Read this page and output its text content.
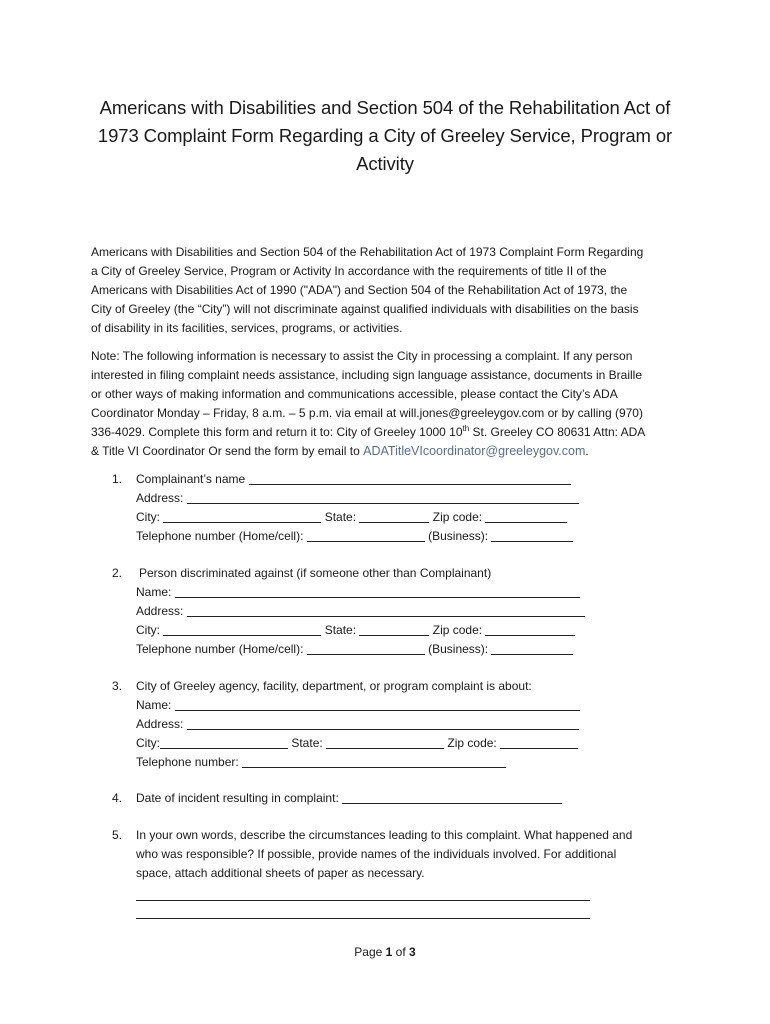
Americans with Disabilities and Section 504 of the Rehabilitation Act of
1973 Complaint Form Regarding a City of Greeley Service, Program or
Activity

Americans with Disabilities and Section 504 of the Rehabilitation Act of 1973 Complaint Form Regarding
a City of Greeley Service, Program or Activity In accordance with the requirements of title II of the
Americans with Disabilities Act of 1990 ("ADA") and Section 504 of the Rehabilitation Act of 1973, the
City of Greeley (the “City”) will not discriminate against qualified individuals with disabilities on the basis
of disability in its facilities, services, programs, or activities.

Note: The following information is necessary to assist the City in processing a complaint. If any person
interested in filing complaint needs assistance, including sign language assistance, documents in Braille
or other ways of making information and communications accessible, please contact the City’s ADA
Coordinator Monday – Friday, 8 a.m. – 5 p.m. via email at will.jones@greeleygov.com or by calling (970)
336-4029. Complete this form and return it to: City of Greeley 1000 10th St. Greeley CO 80631 Attn: ADA
& Title VI Coordinator Or send the form by email to ADATitleVIcoordinator@greeleygov.com.

1. Complainant’s name
Address:
City:	State:	Zip code:
Telephone number (Home/cell):	(Business):
2. Person discriminated against (if someone other than Complainant)
Name:
Address:
City:	State:	Zip code:
Telephone number (Home/cell):	(Business):
3. City of Greeley agency, facility, department, or program complaint is about:
Name:
Address:
City:	State:	Zip code:
Telephone number:
4. Date of incident resulting in complaint:
5. In your own words, describe the circumstances leading to this complaint. What happened and
who was responsible? If possible, provide names of the individuals involved. For additional
space, attach additional sheets of paper as necessary.
Page 1 of 3
